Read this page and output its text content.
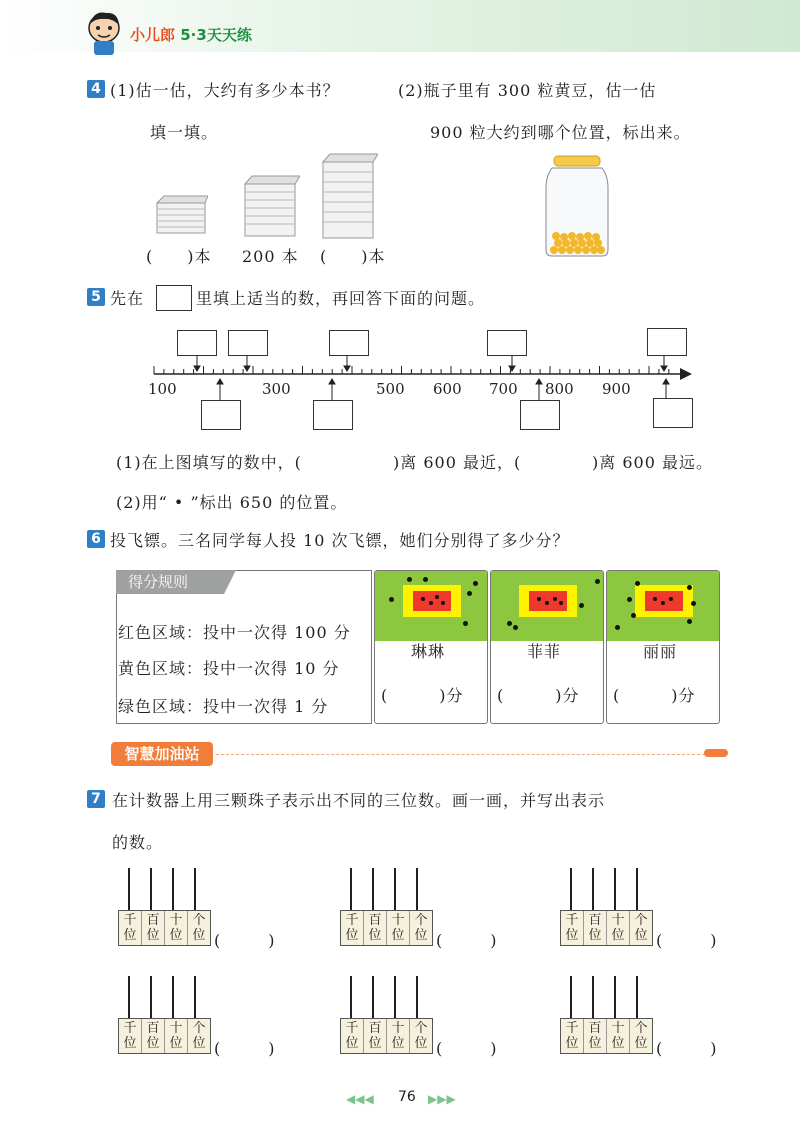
小儿郎 5·3天天练
4 (1)估一估，大约有多少本书？
填一填。
(2)瓶子里有 300 粒黄豆，估一估
900 粒大约到哪个位置，标出来。
(　　)本 200 本 (　　)本
5 先在	里填上适当的数，再回答下面的问题。
100	300	500 600 700 800 900
(1)在上图填写的数中，(	)离 600 最近，(	)离 600 最远。
(2)用“ • ”标出 650 的位置。
6 投飞镖。三名同学每人投 10 次飞镖，她们分别得了多少分？
得分规则
红色区域：投中一次得 100 分
黄色区域：投中一次得 10 分
绿色区域：投中一次得 1 分
琳琳
(　　　)分
菲菲
(　　　)分
丽丽
(　　　)分
智慧加油站
7 在计数器上用三颗珠子表示出不同的三位数。画一画，并写出表示
的数。
千
位
百
位
十
位
个
位 (　　　)
千
位
百
位
十
位
个
位 (　　　)
千
位
百
位
十
位
个
位 (　　　)
千
位
百
位
十
位
个
位 (　　　)
千
位
百
位
十
位
个
位 (　　　)
千
位
百
位
十
位
个
位 (　　　)
◀◀◀ 76 ▶▶▶
